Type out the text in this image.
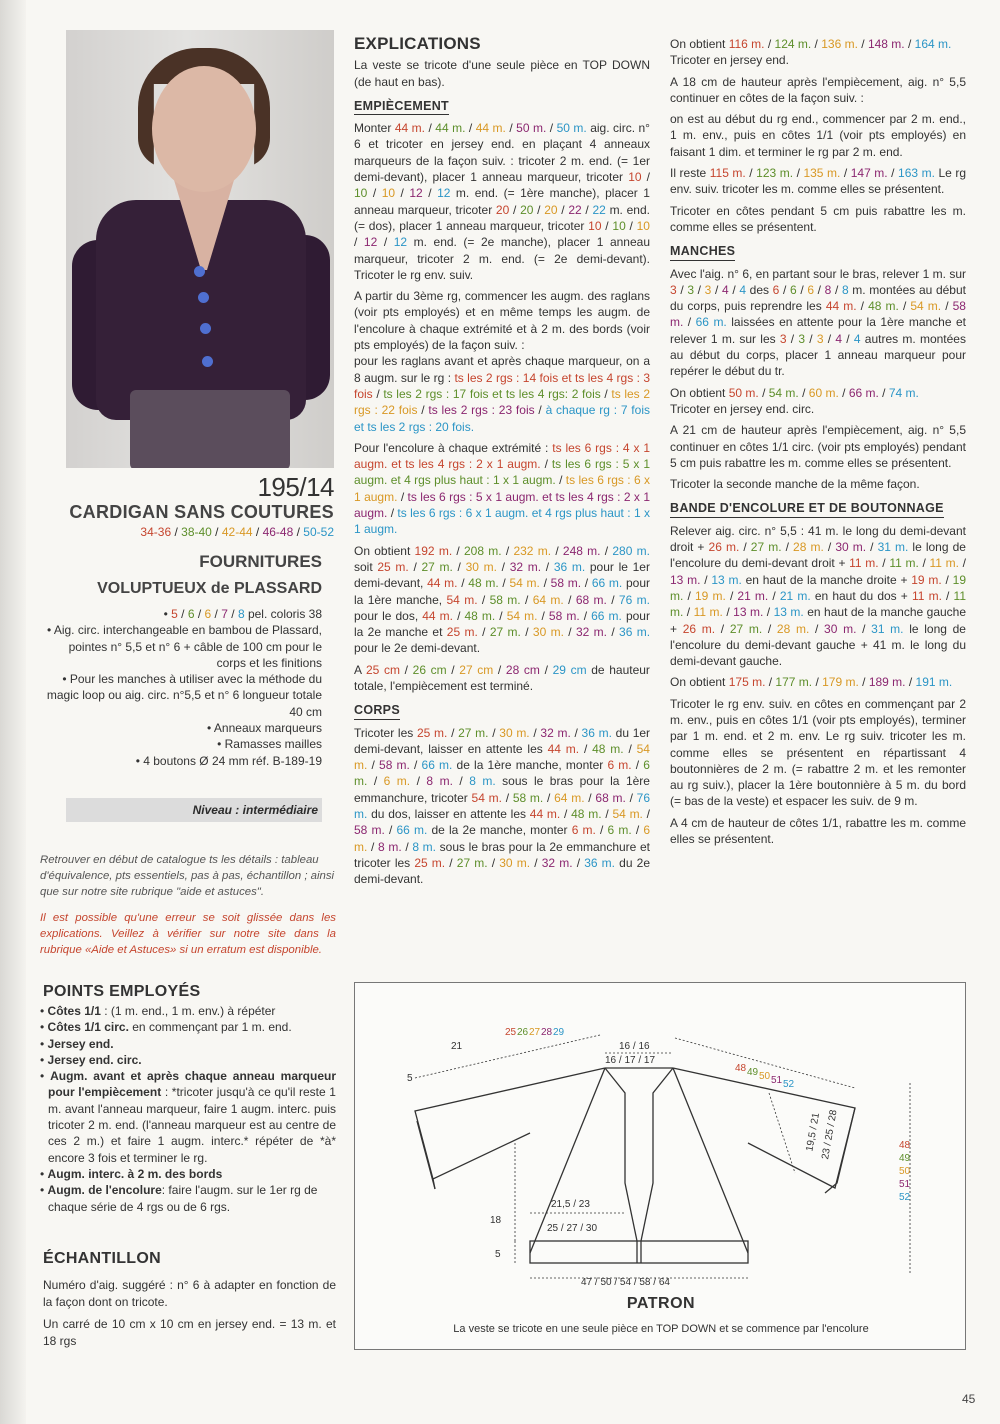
195/14
CARDIGAN SANS COUTURES
34-36 / 38-40 / 42-44 / 46-48 / 50-52
FOURNITURES
VOLUPTUEUX de PLASSARD
• 5 / 6 / 6 / 7 / 8 pel. coloris 38
• Aig. circ. interchangeable en bambou de Plassard, pointes n° 5,5 et n° 6 + câble de 100 cm pour le corps et les finitions
• Pour les manches à utiliser avec la méthode du magic loop ou aig. circ. n°5,5 et n° 6 longueur totale 40 cm
• Anneaux marqueurs
• Ramasses mailles
• 4 boutons Ø 24 mm réf. B-189-19
Niveau : intermédiaire
Retrouver en début de catalogue ts les détails : tableau d'équivalence, pts essentiels, pas à pas, échantillon ; ainsi que sur notre site rubrique "aide et astuces".
Il est possible qu'une erreur se soit glissée dans les explications. Veillez à vérifier sur notre site dans la rubrique «Aide et Astuces» si un erratum est disponible.
POINTS EMPLOYÉS
• Côtes 1/1 : (1 m. end., 1 m. env.) à répéter
• Côtes 1/1 circ. en commençant par 1 m. end.
• Jersey end.
• Jersey end. circ.
• Augm. avant et après chaque anneau marqueur pour l'empiècement : *tricoter jusqu'à ce qu'il reste 1 m. avant l'anneau marqueur, faire 1 augm. interc. puis tricoter 2 m. end. (l'anneau marqueur est au centre de ces 2 m.) et faire 1 augm. interc.* répéter de *à* encore 3 fois et terminer le rg.
• Augm. interc. à 2 m. des bords
• Augm. de l'encolure: faire l'augm. sur le 1er rg de chaque série de 4 rgs ou de 6 rgs.
ÉCHANTILLON

Numéro d'aig. suggéré : n° 6 à adapter en fonction de la façon dont on tricote.

Un carré de 10 cm x 10 cm en jersey end. = 13 m. et 18 rgs

EXPLICATIONS

La veste se tricote d'une seule pièce en TOP DOWN (de haut en bas).

EMPIÈCEMENT

Monter 44 m. / 44 m. / 44 m. / 50 m. / 50 m. aig. circ. n° 6 et tricoter en jersey end. en plaçant 4 anneaux marqueurs de la façon suiv. : tricoter 2 m. end. (= 1er demi-devant), placer 1 anneau marqueur, tricoter 10 / 10 / 10 / 12 / 12 m. end. (= 1ère manche), placer 1 anneau marqueur, tricoter 20 / 20 / 20 / 22 / 22 m. end. (= dos), placer 1 anneau marqueur, tricoter 10 / 10 / 10 / 12 / 12 m. end. (= 2e manche), placer 1 anneau marqueur, tricoter 2 m. end. (= 2e demi-devant). Tricoter le rg env. suiv.

A partir du 3ème rg, commencer les augm. des raglans (voir pts employés) et en même temps les augm. de l'encolure à chaque extrémité et à 2 m. des bords (voir pts employés) de la façon suiv. :
pour les raglans avant et après chaque marqueur, on a 8 augm. sur le rg : ts les 2 rgs : 14 fois et ts les 4 rgs : 3 fois / ts les 2 rgs : 17 fois et ts les 4 rgs: 2 fois / ts les 2 rgs : 22 fois / ts les 2 rgs : 23 fois / à chaque rg : 7 fois et ts les 2 rgs : 20 fois.

Pour l'encolure à chaque extrémité : ts les 6 rgs : 4 x 1 augm. et ts les 4 rgs : 2 x 1 augm. / ts les 6 rgs : 5 x 1 augm. et 4 rgs plus haut : 1 x 1 augm. / ts les 6 rgs : 6 x 1 augm. / ts les 6 rgs : 5 x 1 augm. et ts les 4 rgs : 2 x 1 augm. / ts les 6 rgs : 6 x 1 augm. et 4 rgs plus haut : 1 x 1 augm.

On obtient 192 m. / 208 m. / 232 m. / 248 m. / 280 m. soit 25 m. / 27 m. / 30 m. / 32 m. / 36 m. pour le 1er demi-devant, 44 m. / 48 m. / 54 m. / 58 m. / 66 m. pour la 1ère manche, 54 m. / 58 m. / 64 m. / 68 m. / 76 m. pour le dos, 44 m. / 48 m. / 54 m. / 58 m. / 66 m. pour la 2e manche et 25 m. / 27 m. / 30 m. / 32 m. / 36 m. pour le 2e demi-devant.

A 25 cm / 26 cm / 27 cm / 28 cm / 29 cm de hauteur totale, l'empiècement est terminé.

CORPS

Tricoter les 25 m. / 27 m. / 30 m. / 32 m. / 36 m. du 1er demi-devant, laisser en attente les 44 m. / 48 m. / 54 m. / 58 m. / 66 m. de la 1ère manche, monter 6 m. / 6 m. / 6 m. / 8 m. / 8 m. sous le bras pour la 1ère emmanchure, tricoter 54 m. / 58 m. / 64 m. / 68 m. / 76 m. du dos, laisser en attente les 44 m. / 48 m. / 54 m. / 58 m. / 66 m. de la 2e manche, monter 6 m. / 6 m. / 6 m. / 8 m. / 8 m. sous le bras pour la 2e emmanchure et tricoter les 25 m. / 27 m. / 30 m. / 32 m. / 36 m. du 2e demi-devant.

On obtient 116 m. / 124 m. / 136 m. / 148 m. / 164 m.
Tricoter en jersey end.

A 18 cm de hauteur après l'empiècement, aig. n° 5,5 continuer en côtes de la façon suiv. :

on est au début du rg end., commencer par 2 m. end., 1 m. env., puis en côtes 1/1 (voir pts employés) en faisant 1 dim. et terminer le rg par 2 m. end.

Il reste 115 m. / 123 m. / 135 m. / 147 m. / 163 m. Le rg env. suiv. tricoter les m. comme elles se présentent.

Tricoter en côtes pendant 5 cm puis rabattre les m. comme elles se présentent.

MANCHES

Avec l'aig. n° 6, en partant sour le bras, relever 1 m. sur 3 / 3 / 3 / 4 / 4 des 6 / 6 / 6 / 8 / 8 m. montées au début du corps, puis reprendre les 44 m. / 48 m. / 54 m. / 58 m. / 66 m. laissées en attente pour la 1ère manche et relever 1 m. sur les 3 / 3 / 3 / 4 / 4 autres m. montées au début du corps, placer 1 anneau marqueur pour repérer le début du tr.

On obtient 50 m. / 54 m. / 60 m. / 66 m. / 74 m.
Tricoter en jersey end. circ.

A 21 cm de hauteur après l'empiècement, aig. n° 5,5 continuer en côtes 1/1 circ. (voir pts employés) pendant 5 cm puis rabattre les m. comme elles se présentent.

Tricoter la seconde manche de la même façon.

BANDE D'ENCOLURE ET DE BOUTONNAGE

Relever aig. circ. n° 5,5 : 41 m. le long du demi-devant droit + 26 m. / 27 m. / 28 m. / 30 m. / 31 m. le long de l'encolure du demi-devant droit + 11 m. / 11 m. / 11 m. / 13 m. / 13 m. en haut de la manche droite + 19 m. / 19 m. / 19 m. / 21 m. / 21 m. en haut du dos + 11 m. / 11 m. / 11 m. / 13 m. / 13 m. en haut de la manche gauche + 26 m. / 27 m. / 28 m. / 30 m. / 31 m. le long de l'encolure du demi-devant gauche + 41 m. le long du demi-devant gauche.

On obtient 175 m. / 177 m. / 179 m. / 189 m. / 191 m.

Tricoter le rg env. suiv. en côtes en commençant par 2 m. env., puis en côtes 1/1 (voir pts employés), terminer par 1 m. end. et 2 m. env. Le rg suiv. tricoter les m. comme elles se présentent en répartissant 4 boutonnières de 2 m. (= rabattre 2 m. et les remonter au rg suiv.), placer la 1ère boutonnière à 5 m. du bord (= bas de la veste) et espacer les suiv. de 9 m.

A 4 cm de hauteur de côtes 1/1, rabattre les m. comme elles se présentent.

16 / 16
16 / 17 / 17
21,5 / 23
25 / 27 / 30
47 / 50 / 54 / 58 / 64
18
5
5
21
19,5 / 21
23 / 25 / 28
25 26 27 28 29
48 49 50 51 52
48
49
50
51
52
PATRON
La veste se tricote en une seule pièce en TOP DOWN et se commence par l'encolure
45
